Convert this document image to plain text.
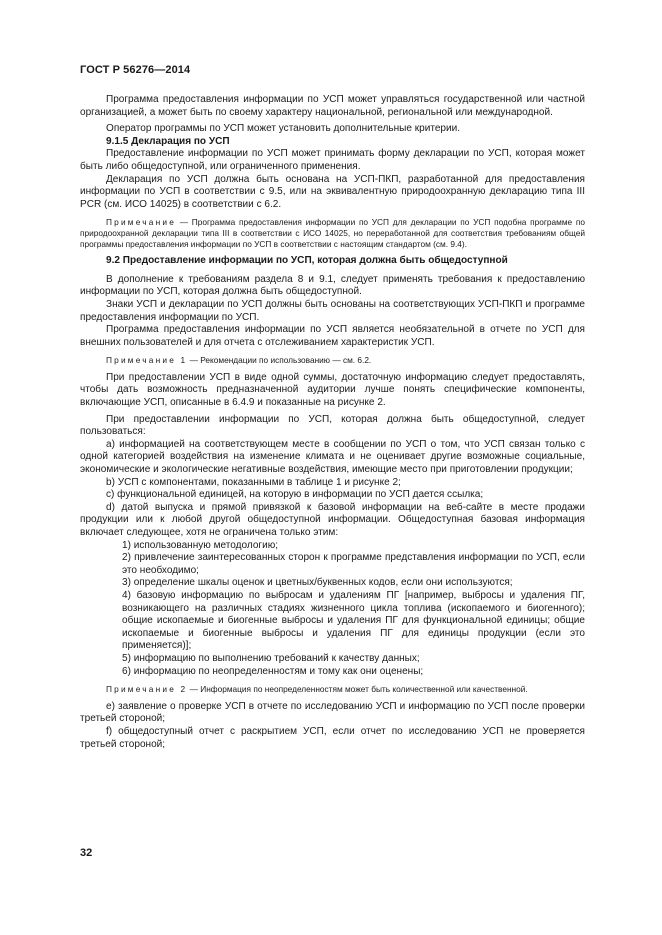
ГОСТ Р 56276—2014

Программа предоставления информации по УСП может управляться государственной или частной организацией, а может быть по своему характеру национальной, региональной или международной.

Оператор программы по УСП может установить дополнительные критерии.

9.1.5 Декларация по УСП

Предоставление информации по УСП может принимать форму декларации по УСП, которая может быть либо общедоступной, или ограниченного применения.

Декларация по УСП должна быть основана на УСП-ПКП, разработанной для предоставления информации по УСП в соответствии с 9.5, или на эквивалентную природоохранную декларацию типа III PCR (см. ИСО 14025) в соответствии с 6.2.

Примечание — Программа предоставления информации по УСП для декларации по УСП подобна программе по природоохранной декларации типа III в соответствии с ИСО 14025, но переработанной для соответствия требованиям общей программы предоставления информации по УСП в соответствии с настоящим стандартом (см. 9.4).

9.2 Предоставление информации по УСП, которая должна быть общедоступной

В дополнение к требованиям раздела 8 и 9.1, следует применять требования к предоставлению информации по УСП, которая должна быть общедоступной.

Знаки УСП и декларации по УСП должны быть основаны на соответствующих УСП-ПКП и программе предоставления информации по УСП.

Программа предоставления информации по УСП является необязательной в отчете по УСП для внешних пользователей и для отчета с отслеживанием характеристик УСП.

Примечание 1 — Рекомендации по использованию — см. 6.2.

При предоставлении УСП в виде одной суммы, достаточную информацию следует предоставлять, чтобы дать возможность предназначенной аудитории лучше понять специфические компоненты, включающие УСП, описанные в 6.4.9 и показанные на рисунке 2.

При предоставлении информации по УСП, которая должна быть общедоступной, следует пользоваться:

a) информацией на соответствующем месте в сообщении по УСП о том, что УСП связан только с одной категорией воздействия на изменение климата и не оценивает другие возможные социальные, экономические и экологические негативные воздействия, имеющие место при приготовлении продукции;

b) УСП с компонентами, показанными в таблице 1 и рисунке 2;

c) функциональной единицей, на которую в информации по УСП дается ссылка;

d) датой выпуска и прямой привязкой к базовой информации на веб-сайте в месте продажи продукции или к любой другой общедоступной информации. Общедоступная базовая информация включает следующее, хотя не ограничена только этим:

1) использованную методологию;

2) привлечение заинтересованных сторон к программе представления информации по УСП, если это необходимо;

3) определение шкалы оценок и цветных/буквенных кодов, если они используются;

4) базовую информацию по выбросам и удалениям ПГ [например, выбросы и удаления ПГ, возникающего на различных стадиях жизненного цикла топлива (ископаемого и биогенного); общие ископаемые и биогенные выбросы и удаления ПГ для функциональной единицы; общие ископаемые и биогенные выбросы и удаления ПГ для единицы продукции (если это применяется)];

5) информацию по выполнению требований к качеству данных;

6) информацию по неопределенностям и тому как они оценены;

Примечание 2 — Информация по неопределенностям может быть количественной или качественной.

e) заявление о проверке УСП в отчете по исследованию УСП и информацию по УСП после проверки третьей стороной;

f) общедоступный отчет с раскрытием УСП, если отчет по исследованию УСП не проверяется третьей стороной;

32
